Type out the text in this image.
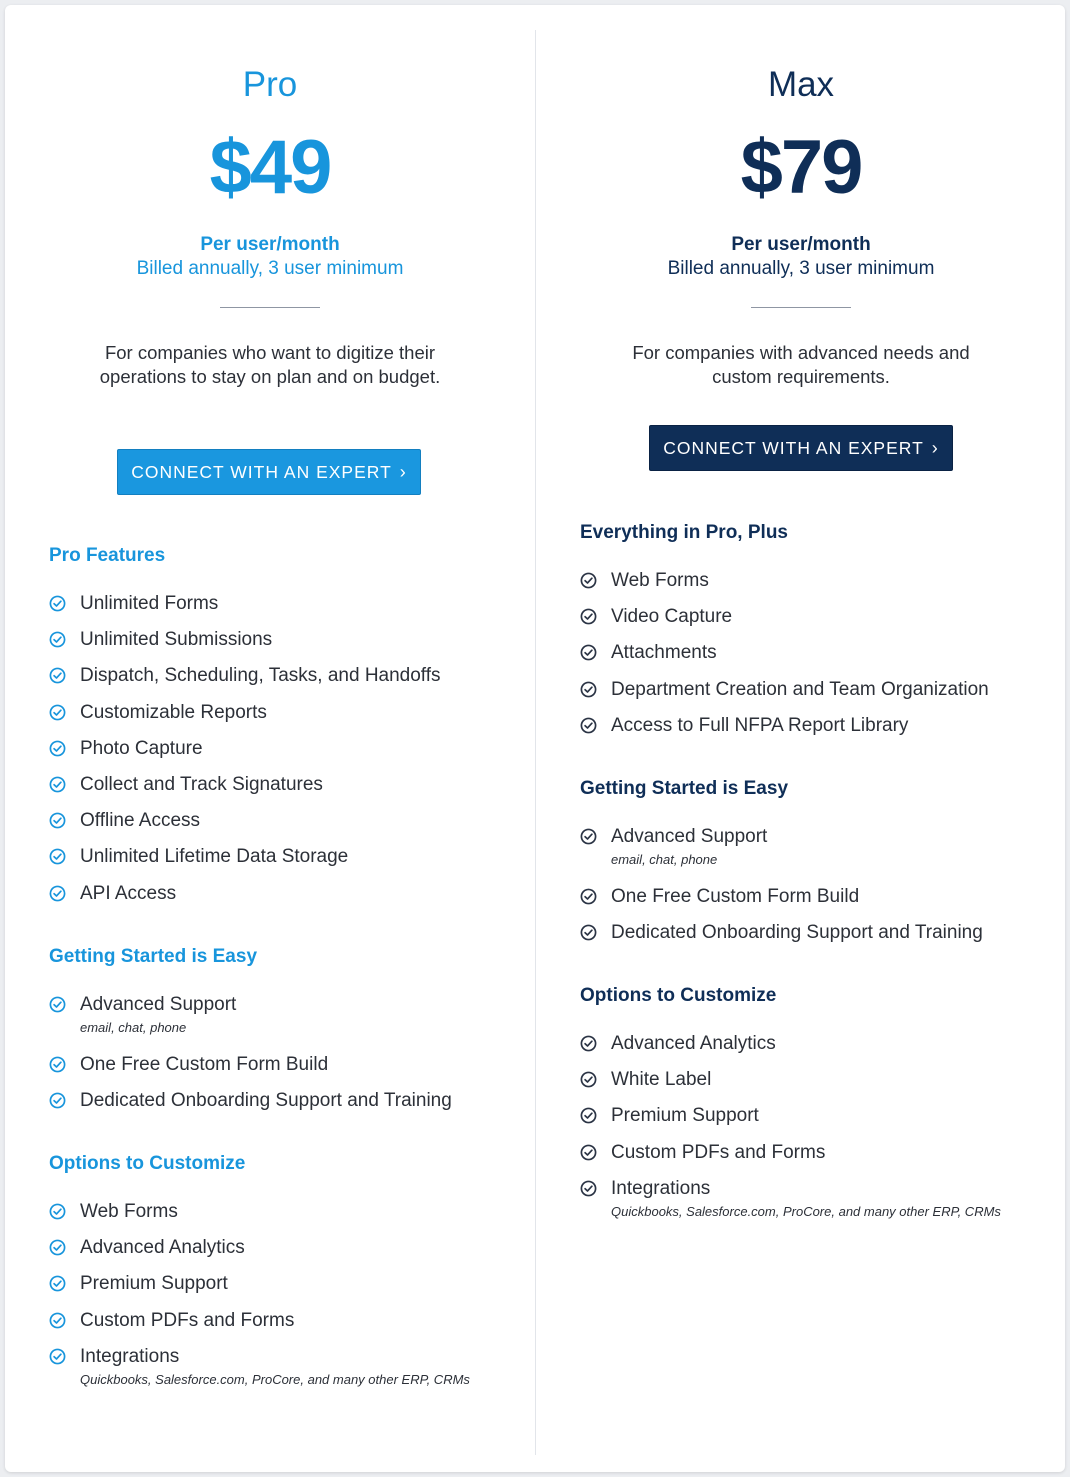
Pro
$49
Per user/month
Billed annually, 3 user minimum
For companies who want to digitize their operations to stay on plan and on budget.
CONNECT WITH AN EXPERT ›
Pro Features
Unlimited Forms
Unlimited Submissions
Dispatch, Scheduling, Tasks, and Handoffs
Customizable Reports
Photo Capture
Collect and Track Signatures
Offline Access
Unlimited Lifetime Data Storage
API Access
Getting Started is Easy
Advanced Support
email, chat, phone
One Free Custom Form Build
Dedicated Onboarding Support and Training
Options to Customize
Web Forms
Advanced Analytics
Premium Support
Custom PDFs and Forms
Integrations
Quickbooks, Salesforce.com, ProCore, and many other ERP, CRMs
Max
$79
Per user/month
Billed annually, 3 user minimum
For companies with advanced needs and custom requirements.
CONNECT WITH AN EXPERT ›
Everything in Pro, Plus
Web Forms
Video Capture
Attachments
Department Creation and Team Organization
Access to Full NFPA Report Library
Getting Started is Easy
Advanced Support
email, chat, phone
One Free Custom Form Build
Dedicated Onboarding Support and Training
Options to Customize
Advanced Analytics
White Label
Premium Support
Custom PDFs and Forms
Integrations
Quickbooks, Salesforce.com, ProCore, and many other ERP, CRMs
